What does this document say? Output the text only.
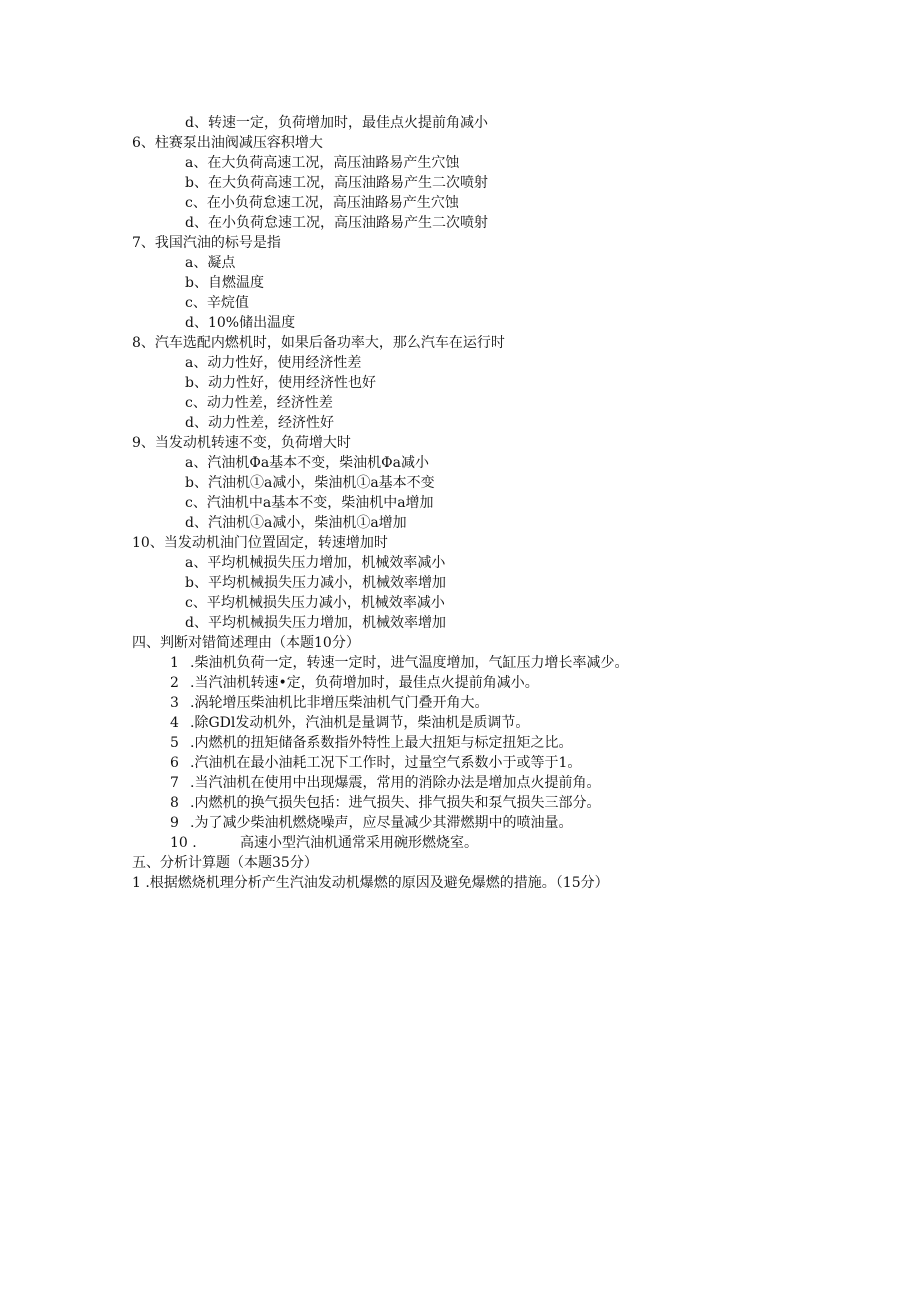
d、转速一定，负荷增加时，最佳点火提前角减小
6、柱赛泵出油阀减压容积增大
a、在大负荷高速工况，高压油路易产生穴蚀
b、在大负荷高速工况，高压油路易产生二次喷射
c、在小负荷怠速工况，高压油路易产生穴蚀
d、在小负荷怠速工况，高压油路易产生二次喷射
7、我国汽油的标号是指
a、凝点
b、自燃温度
c、辛烷值
d、10%储出温度
8、汽车选配内燃机时，如果后备功率大，那么汽车在运行时
a、动力性好，使用经济性差
b、动力性好，使用经济性也好
c、动力性差，经济性差
d、动力性差，经济性好
9、当发动机转速不变，负荷增大时
a、汽油机Φa基本不变，柴油机Φa减小
b、汽油机①a减小，柴油机①a基本不变
c、汽油机中a基本不变，柴油机中a增加
d、汽油机①a减小，柴油机①a增加
10、当发动机油门位置固定，转速增加时
a、平均机械损失压力增加，机械效率减小
b、平均机械损失压力减小，机械效率增加
c、平均机械损失压力减小，机械效率减小
d、平均机械损失压力增加，机械效率增加
四、判断对错简述理由（本题10分）
1 .柴油机负荷一定，转速一定时，进气温度增加，气缸压力增长率减少。
2 .当汽油机转速•定，负荷增加时，最佳点火提前角减小。
3 .涡轮增压柴油机比非增压柴油机气门叠开角大。
4 .除GDl发动机外，汽油机是量调节，柴油机是质调节。
5 .内燃机的扭矩储备系数指外特性上最大扭矩与标定扭矩之比。
6 .汽油机在最小油耗工况下工作时，过量空气系数小于或等于1。
7 .当汽油机在使用中出现爆震，常用的消除办法是增加点火提前角。
8 .内燃机的换气损失包括：进气损失、排气损失和泵气损失三部分。
9 .为了减少柴油机燃烧噪声，应尽量减少其滞燃期中的喷油量。
10 .	高速小型汽油机通常采用碗形燃烧室。
五、分析计算题（本题35分）
1 .根据燃烧机理分析产生汽油发动机爆燃的原因及避免爆燃的措施。（15分）
